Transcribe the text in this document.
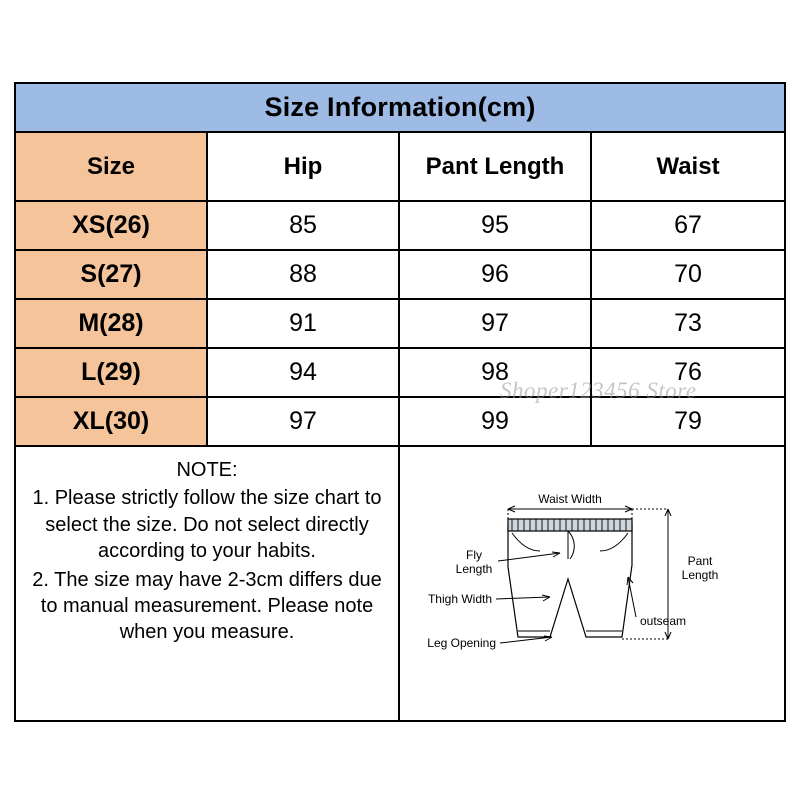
Size Information(cm)
Size	Hip	Pant Length	Waist
XS(26)	85	95	67
S(27)	88	96	70
M(28)	91	97	73
L(29)	94	98	76
XL(30)	97	99	79
NOTE:

1. Please strictly follow the size chart to select the size. Do not select directly according to your habits.

2. The size may have 2-3cm differs due to manual measurement. Please note when you measure.

Waist Width
Fly
Length
Pant
Length
Thigh Width
outseam
Leg Opening
Shoper123456 Store
